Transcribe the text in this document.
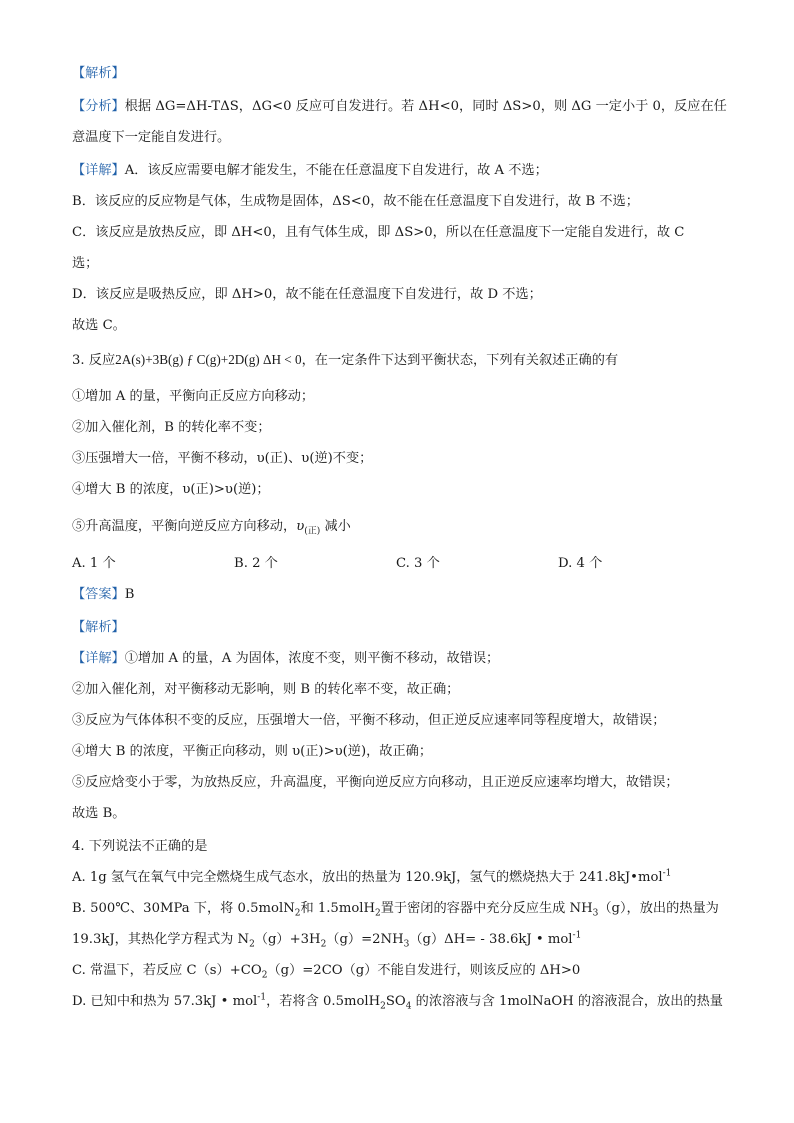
【解析】
【分析】根据 ΔG=ΔH-TΔS，ΔG<0 反应可自发进行。若 ΔH<0，同时 ΔS>0，则 ΔG 一定小于 0，反应在任
意温度下一定能自发进行。
【详解】A．该反应需要电解才能发生，不能在任意温度下自发进行，故 A 不选；
B．该反应的反应物是气体，生成物是固体，ΔS<0，故不能在任意温度下自发进行，故 B 不选；
C．该反应是放热反应，即 ΔH<0，且有气体生成，即 ΔS>0，所以在任意温度下一定能自发进行，故 C
选；
D．该反应是吸热反应，即 ΔH>0，故不能在任意温度下自发进行，故 D 不选；
故选 C。
3. 反应2A(s)+3B(g) ƒ C(g)+2D(g) ΔH < 0，在一定条件下达到平衡状态，下列有关叙述正确的有
①增加 A 的量，平衡向正反应方向移动；
②加入催化剂，B 的转化率不变；
③压强增大一倍，平衡不移动，υ(正)、υ(逆)不变；
④增大 B 的浓度，υ(正)>υ(逆)；
⑤升高温度，平衡向逆反应方向移动，$\upsilon_{(正)}$ 减小
A. 1 个	B. 2 个	C. 3 个	D. 4 个
【答案】B
【解析】
【详解】①增加 A 的量，A 为固体，浓度不变，则平衡不移动，故错误；
②加入催化剂，对平衡移动无影响，则 B 的转化率不变，故正确；
③反应为气体体积不变的反应，压强增大一倍，平衡不移动，但正逆反应速率同等程度增大，故错误；
④增大 B 的浓度，平衡正向移动，则 υ(正)>υ(逆)，故正确；
⑤反应焓变小于零，为放热反应，升高温度，平衡向逆反应方向移动，且正逆反应速率均增大，故错误；
故选 B。
4. 下列说法不正确的是
A. 1g 氢气在氧气中完全燃烧生成气态水，放出的热量为 120.9kJ，氢气的燃烧热大于 241.8kJ•mol$^{-1}$
B. 500℃、30MPa 下，将 0.5molN$_2$和 1.5molH$_2$置于密闭的容器中充分反应生成 $NH_3(g)$，放出的热量为
19.3kJ，其热化学方程式为 $N_2(g)+3H_2(g)=2NH_3(g)\Delta H= - 38.6kJ$ • mol$^{-1}$
C. 常温下，若反应 $C(s)+CO_2(g)=2CO(g)$不能自发进行，则该反应的 ΔH>0
D. 已知中和热为 57.3kJ • mol$^{-1}$，若将含 $0.5molH_2SO_4$ 的浓溶液与含 1molNaOH 的溶液混合，放出的热量
